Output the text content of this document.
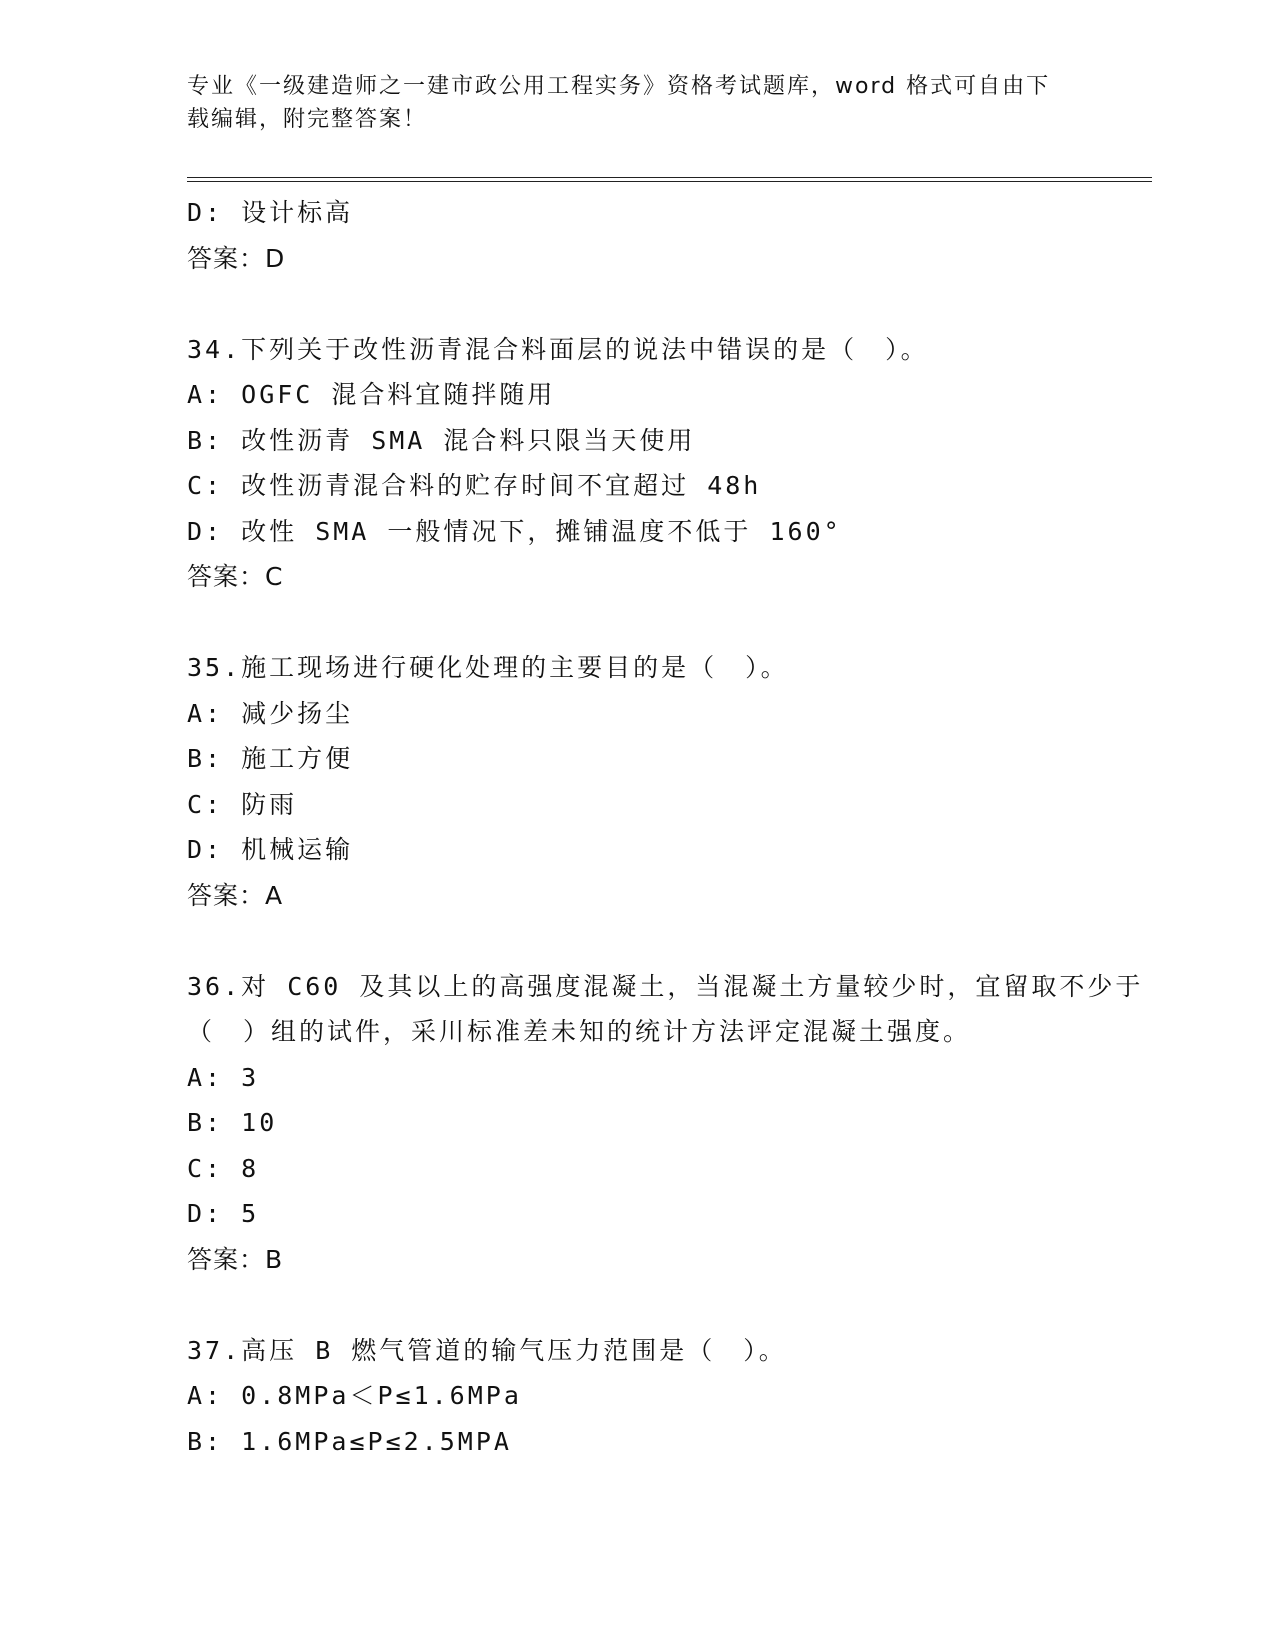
专业《一级建造师之一建市政公用工程实务》资格考试题库，word 格式可自由下
载编辑，附完整答案！
D: 设计标高
答案：D
34.下列关于改性沥青混合料面层的说法中错误的是（　）。
A: OGFC 混合料宜随拌随用
B: 改性沥青 SMA 混合料只限当天使用
C: 改性沥青混合料的贮存时间不宜超过 48h
D: 改性 SMA 一般情况下，摊铺温度不低于 160°
答案：C
35.施工现场进行硬化处理的主要目的是（　）。
A: 减少扬尘
B: 施工方便
C: 防雨
D: 机械运输
答案：A
36.对 C60 及其以上的高强度混凝土，当混凝土方量较少时，宜留取不少于（　）组的试件，采川标准差未知的统计方法评定混凝土强度。
A: 3
B: 10
C: 8
D: 5
答案：B
37.高压 B 燃气管道的输气压力范围是（　）。
A: 0.8MPa＜P≤1.6MPa
B: 1.6MPa≤P≤2.5MPA
